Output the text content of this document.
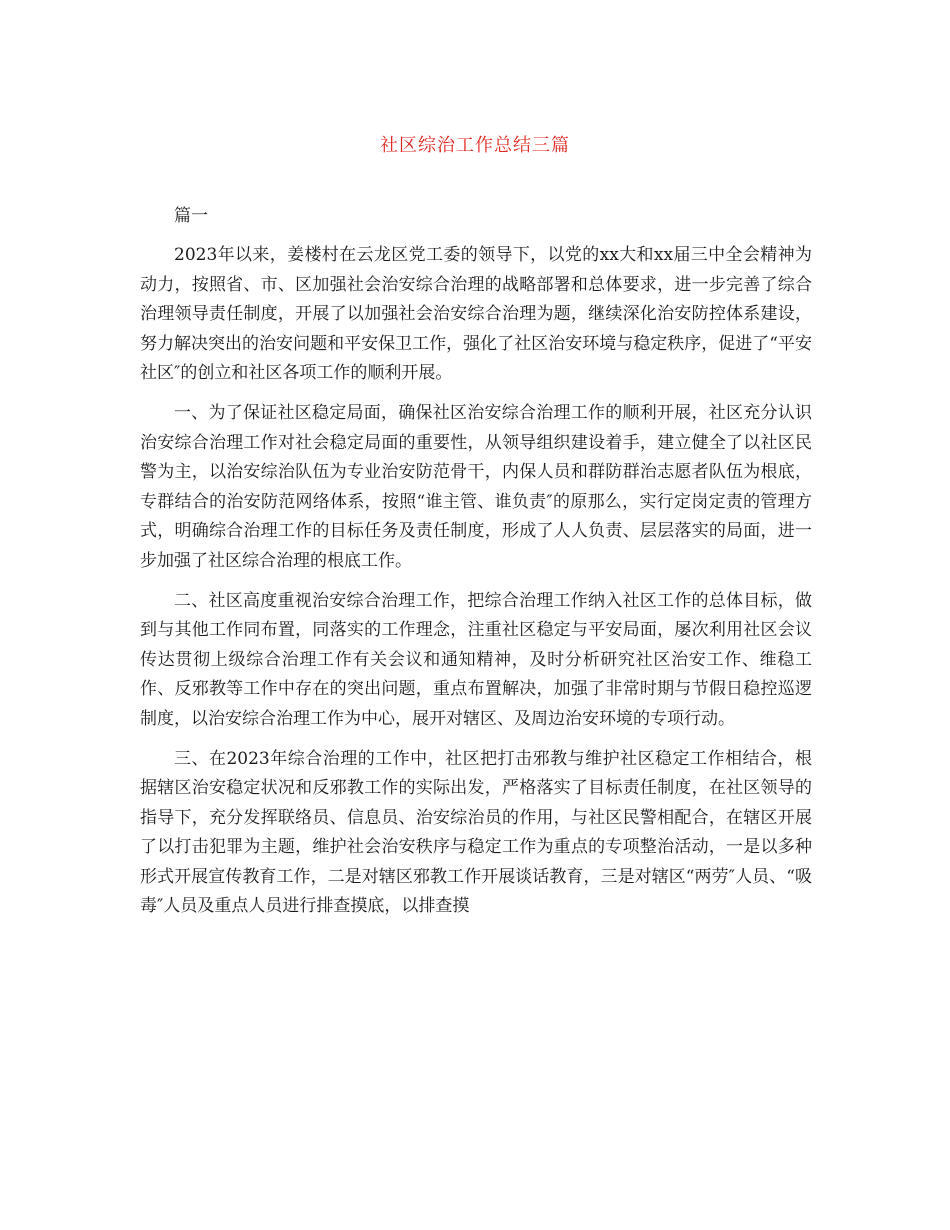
社区综治工作总结三篇
篇一

2023年以来，姜楼村在云龙区党工委的领导下，以党的xx大和xx届三中全会精神为动力，按照省、市、区加强社会治安综合治理的战略部署和总体要求，进一步完善了综合治理领导责任制度，开展了以加强社会治安综合治理为题，继续深化治安防控体系建设，努力解决突出的治安问题和平安保卫工作，强化了社区治安环境与稳定秩序，促进了“平安社区″的创立和社区各项工作的顺利开展。

一、为了保证社区稳定局面，确保社区治安综合治理工作的顺利开展，社区充分认识治安综合治理工作对社会稳定局面的重要性，从领导组织建设着手，建立健全了以社区民警为主，以治安综治队伍为专业治安防范骨干，内保人员和群防群治志愿者队伍为根底，专群结合的治安防范网络体系，按照“谁主管、谁负责″的原那么，实行定岗定责的管理方式，明确综合治理工作的目标任务及责任制度，形成了人人负责、层层落实的局面，进一步加强了社区综合治理的根底工作。

二、社区高度重视治安综合治理工作，把综合治理工作纳入社区工作的总体目标，做到与其他工作同布置，同落实的工作理念，注重社区稳定与平安局面，屡次利用社区会议传达贯彻上级综合治理工作有关会议和通知精神，及时分析研究社区治安工作、维稳工作、反邪教等工作中存在的突出问题，重点布置解决，加强了非常时期与节假日稳控巡逻制度，以治安综合治理工作为中心，展开对辖区、及周边治安环境的专项行动。

三、在2023年综合治理的工作中，社区把打击邪教与维护社区稳定工作相结合，根据辖区治安稳定状况和反邪教工作的实际出发，严格落实了目标责任制度，在社区领导的指导下，充分发挥联络员、信息员、治安综治员的作用，与社区民警相配合，在辖区开展了以打击犯罪为主题，维护社会治安秩序与稳定工作为重点的专项整治活动，一是以多种形式开展宣传教育工作，二是对辖区邪教工作开展谈话教育，三是对辖区“两劳″人员、“吸毒″人员及重点人员进行排查摸底，以排查摸
